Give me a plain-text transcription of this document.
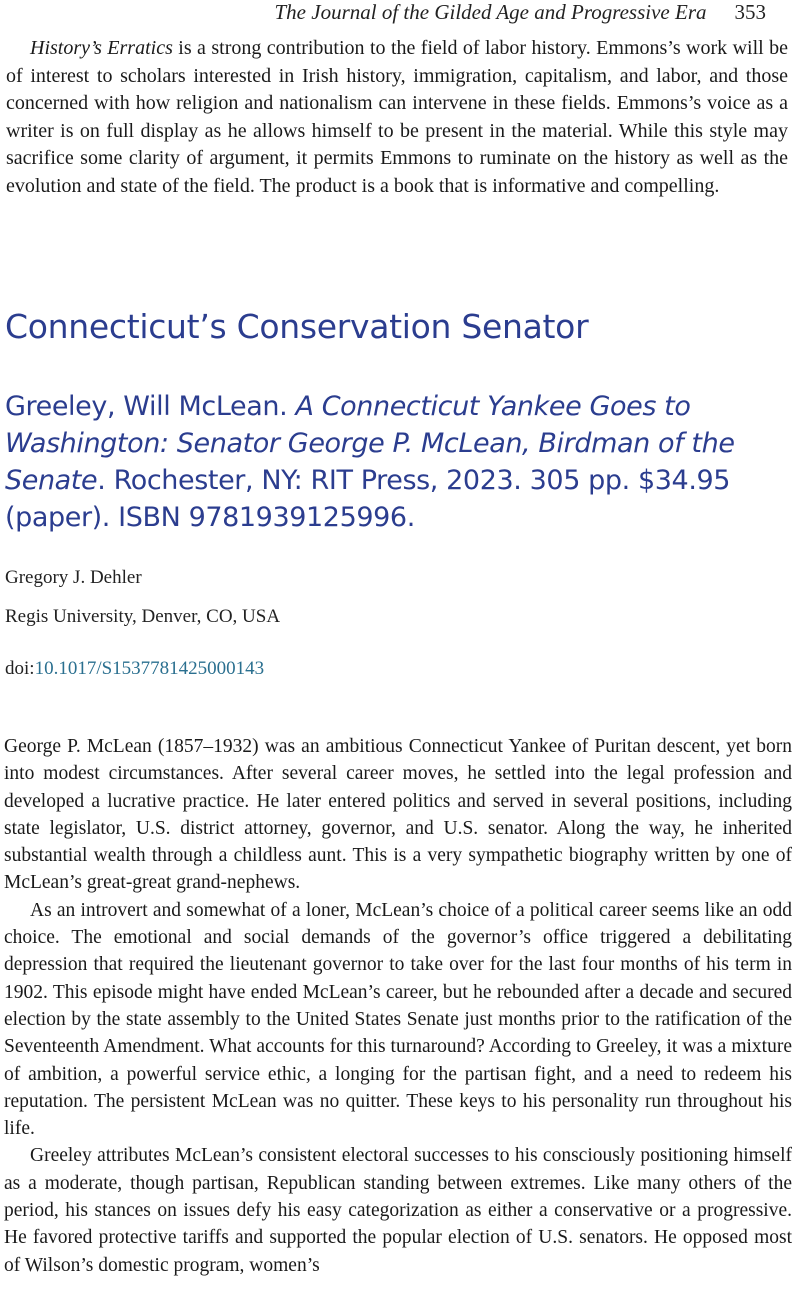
The Journal of the Gilded Age and Progressive Era 353

History’s Erratics is a strong contribution to the field of labor history. Emmons’s work will be of interest to scholars interested in Irish history, immigration, capitalism, and labor, and those concerned with how religion and nationalism can intervene in these fields. Emmons’s voice as a writer is on full display as he allows himself to be present in the material. While this style may sacrifice some clarity of argument, it permits Emmons to ruminate on the history as well as the evolution and state of the field. The product is a book that is informative and compelling.

Connecticut’s Conservation Senator
Greeley, Will McLean. A Connecticut Yankee Goes to Washington: Senator George P. McLean, Birdman of the Senate. Rochester, NY: RIT Press, 2023. 305 pp. $34.95 (paper). ISBN 9781939125996.
Gregory J. Dehler
Regis University, Denver, CO, USA
doi:10.1017/S1537781425000143

George P. McLean (1857–1932) was an ambitious Connecticut Yankee of Puritan descent, yet born into modest circumstances. After several career moves, he settled into the legal profession and developed a lucrative practice. He later entered politics and served in several positions, including state legislator, U.S. district attorney, governor, and U.S. senator. Along the way, he inherited substantial wealth through a childless aunt. This is a very sympathetic biography written by one of McLean’s great-great grand-nephews.

As an introvert and somewhat of a loner, McLean’s choice of a political career seems like an odd choice. The emotional and social demands of the governor’s office triggered a debilitating depression that required the lieutenant governor to take over for the last four months of his term in 1902. This episode might have ended McLean’s career, but he rebounded after a decade and secured election by the state assembly to the United States Senate just months prior to the ratification of the Seventeenth Amendment. What accounts for this turnaround? According to Greeley, it was a mixture of ambition, a powerful service ethic, a longing for the partisan fight, and a need to redeem his reputation. The persistent McLean was no quitter. These keys to his personality run throughout his life.

Greeley attributes McLean’s consistent electoral successes to his consciously positioning himself as a moderate, though partisan, Republican standing between extremes. Like many others of the period, his stances on issues defy his easy categorization as either a conservative or a progressive. He favored protective tariffs and supported the popular election of U.S. senators. He opposed most of Wilson’s domestic program, women’s
